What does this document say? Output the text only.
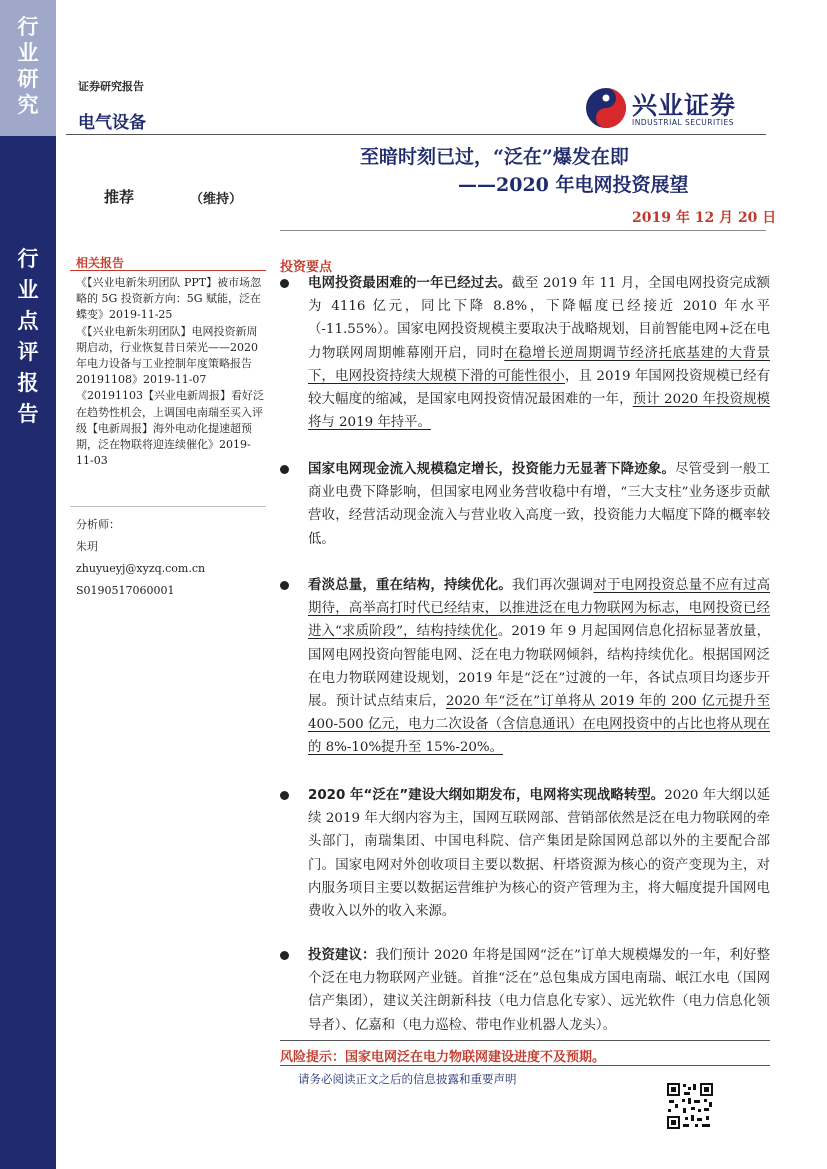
行
业
研
究
行
业
点
评
报
告
证券研究报告
电气设备
兴业证券
INDUSTRIAL SECURITIES
至暗时刻已过，“泛在”爆发在即
——2020 年电网投资展望
推荐	（维持）
2019 年 12 月 20 日
相关报告

《【兴业电新朱玥团队 PPT】被市场忽略的 5G 投资新方向：5G 赋能，泛在蝶变》2019-11-25

《【兴业电新朱玥团队】电网投资新周期启动，行业恢复昔日荣光——2020 年电力设备与工业控制年度策略报告 20191108》2019-11-07

《20191103【兴业电新周报】看好泛在趋势性机会，上调国电南瑞至买入评级【电新周报】海外电动化提速超预期，泛在物联将迎连续催化》2019-11-03

分析师：

朱玥

zhuyueyj@xyzq.com.cn

S0190517060001

投资要点
电网投资最困难的一年已经过去。截至 2019 年 11 月，全国电网投资完成额为 4116 亿元，同比下降 8.8%，下降幅度已经接近 2010 年水平（-11.55%）。国家电网投资规模主要取决于战略规划，目前智能电网+泛在电力物联网周期帷幕刚开启，同时在稳增长逆周期调节经济托底基建的大背景下，电网投资持续大规模下滑的可能性很小，且 2019 年国网投资规模已经有较大幅度的缩减，是国家电网投资情况最困难的一年，预计 2020 年投资规模将与 2019 年持平。
国家电网现金流入规模稳定增长，投资能力无显著下降迹象。尽管受到一般工商业电费下降影响，但国家电网业务营收稳中有增，“三大支柱”业务逐步贡献营收，经营活动现金流入与营业收入高度一致，投资能力大幅度下降的概率较低。
看淡总量，重在结构，持续优化。我们再次强调对于电网投资总量不应有过高期待，高举高打时代已经结束，以推进泛在电力物联网为标志，电网投资已经进入“求质阶段”，结构持续优化。2019 年 9 月起国网信息化招标显著放量，国网电网投资向智能电网、泛在电力物联网倾斜，结构持续优化。根据国网泛在电力物联网建设规划，2019 年是“泛在”过渡的一年，各试点项目均逐步开展。预计试点结束后，2020 年“泛在”订单将从 2019 年的 200 亿元提升至 400-500 亿元，电力二次设备（含信息通讯）在电网投资中的占比也将从现在的 8%-10%提升至 15%-20%。
2020 年“泛在”建设大纲如期发布，电网将实现战略转型。2020 年大纲以延续 2019 年大纲内容为主，国网互联网部、营销部依然是泛在电力物联网的牵头部门，南瑞集团、中国电科院、信产集团是除国网总部以外的主要配合部门。国家电网对外创收项目主要以数据、杆塔资源为核心的资产变现为主，对内服务项目主要以数据运营维护为核心的资产管理为主，将大幅度提升国网电费收入以外的收入来源。
投资建议：我们预计 2020 年将是国网“泛在”订单大规模爆发的一年，利好整个泛在电力物联网产业链。首推“泛在”总包集成方国电南瑞、岷江水电（国网信产集团），建议关注朗新科技（电力信息化专家）、远光软件（电力信息化领导者）、亿嘉和（电力巡检、带电作业机器人龙头）。
风险提示：国家电网泛在电力物联网建设进度不及预期。
请务必阅读正文之后的信息披露和重要声明
